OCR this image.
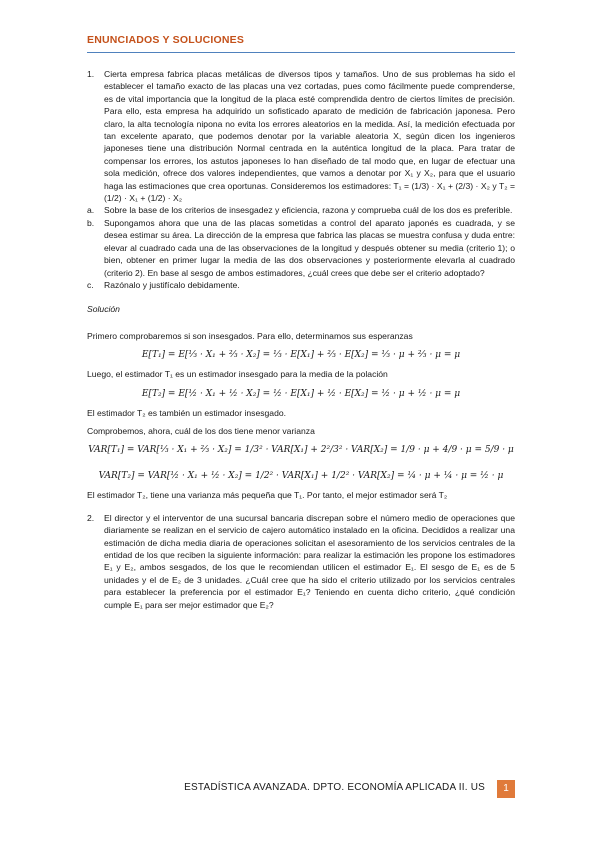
ENUNCIADOS Y SOLUCIONES
1.	Cierta empresa fabrica placas metálicas de diversos tipos y tamaños. Uno de sus problemas ha sido el establecer el tamaño exacto de las placas una vez cortadas, pues como fácilmente puede comprenderse, es de vital importancia que la longitud de la placa esté comprendida dentro de ciertos límites de precisión. Para ello, esta empresa ha adquirido un sofisticado aparato de medición de fabricación japonesa. Pero claro, la alta tecnología nipona no evita los errores aleatorios en la medida. Así, la medición efectuada por tan excelente aparato, que podemos denotar por la variable aleatoria X, según dicen los ingenieros japoneses tiene una distribución Normal centrada en la auténtica longitud de la placa. Para tratar de compensar los errores, los astutos japoneses lo han diseñado de tal modo que, en lugar de efectuar una sola medición, ofrece dos valores independientes, que vamos a denotar por X₁ y X₂, para que el usuario haga las estimaciones que crea oportunas. Consideremos los estimadores: T₁ = (1/3) · X₁ + (2/3) · X₂ y T₂ = (1/2) · X₁ + (1/2) · X₂

a.	Sobre la base de los criterios de insesgadez y eficiencia, razona y comprueba cuál de los dos es preferible.

b.	Supongamos ahora que una de las placas sometidas a control del aparato japonés es cuadrada, y se desea estimar su área. La dirección de la empresa que fabrica las placas se muestra confusa y duda entre: elevar al cuadrado cada una de las observaciones de la longitud y después obtener su media (criterio 1); o bien, obtener en primer lugar la media de las dos observaciones y posteriormente elevarla al cuadrado (criterio 2). En base al sesgo de ambos estimadores, ¿cuál crees que debe ser el criterio adoptado?

c.	Razónalo y justifícalo debidamente.

Solución

Primero comprobaremos si son insesgados. Para ello, determinamos sus esperanzas

E[T₁] = E[⅓ · X₁ + ⅔ · X₂] = ⅓ · E[X₁] + ⅔ · E[X₂] = ⅓ · μ + ⅔ · μ = μ

Luego, el estimador T₁ es un estimador insesgado para la media de la polación

E[T₂] = E[½ · X₁ + ½ · X₂] = ½ · E[X₁] + ½ · E[X₂] = ½ · μ + ½ · μ = μ

El estimador T₂ es también un estimador insesgado.

Comprobemos, ahora, cuál de los dos tiene menor varianza

VAR[T₁] = VAR[⅓ · X₁ + ⅔ · X₂] = 1/3² · VAR[X₁] + 2²/3² · VAR[X₂] = 1/9 · μ + 4/9 · μ = 5/9 · μ
VAR[T₂] = VAR[½ · X₁ + ½ · X₂] = 1/2² · VAR[X₁] + 1/2² · VAR[X₂] = ¼ · μ + ¼ · μ = ½ · μ

El estimador T₂, tiene una varianza más pequeña que T₁. Por tanto, el mejor estimador será T₂

2.	El director y el interventor de una sucursal bancaria discrepan sobre el número medio de operaciones que diariamente se realizan en el servicio de cajero automático instalado en la oficina. Decididos a realizar una estimación de dicha media diaria de operaciones solicitan el asesoramiento de los servicios centrales de la entidad de los que reciben la siguiente información: para realizar la estimación les propone los estimadores E₁ y E₂, ambos sesgados, de los que le recomiendan utilicen el estimador E₁. El sesgo de E₁ es de 5 unidades y el de E₂ de 3 unidades. ¿Cuál cree que ha sido el criterio utilizado por los servicios centrales para establecer la preferencia por el estimador E₁? Teniendo en cuenta dicho criterio, ¿qué condición cumple E₁ para ser mejor estimador que E₂?

ESTADÍSTICA AVANZADA. DPTO. ECONOMÍA APLICADA II. US	1
